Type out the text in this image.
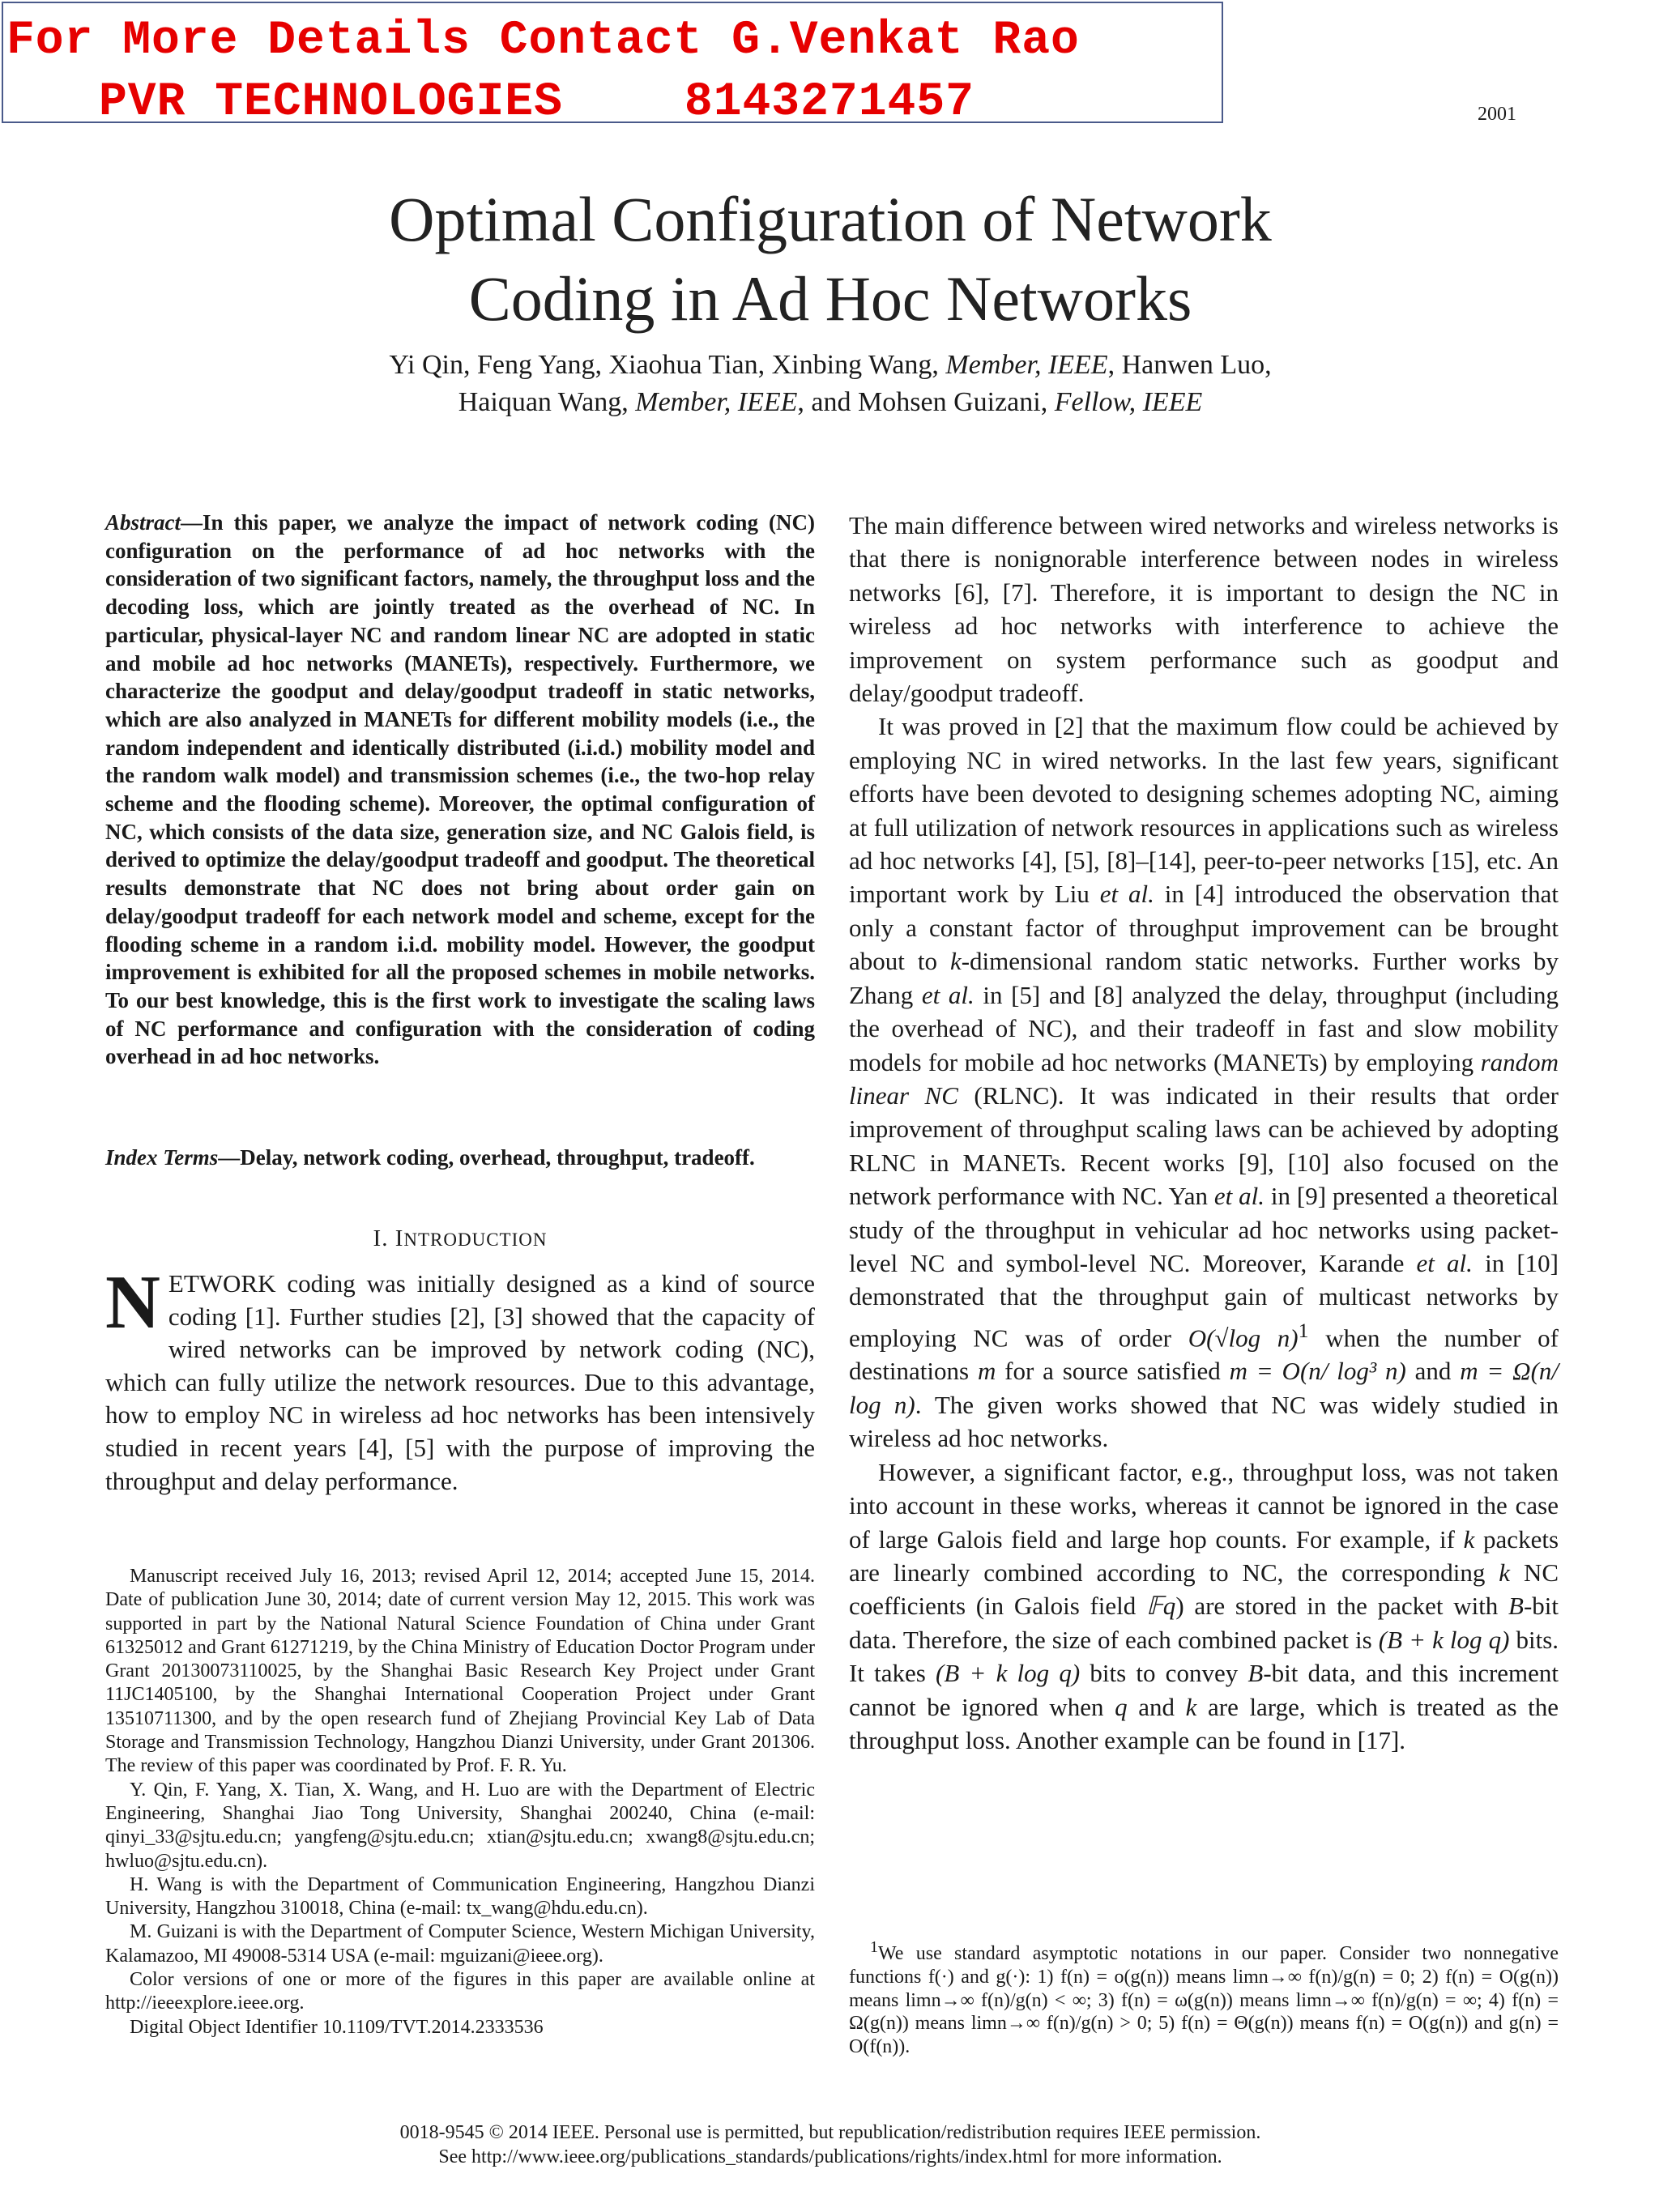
For More Details Contact G.Venkat Rao
PVR TECHNOLOGIES	8143271457	2001
Optimal Configuration of Network
Coding in Ad Hoc Networks
Yi Qin, Feng Yang, Xiaohua Tian, Xinbing Wang, Member, IEEE, Hanwen Luo,
Haiquan Wang, Member, IEEE, and Mohsen Guizani, Fellow, IEEE
Abstract—In this paper, we analyze the impact of network coding (NC) configuration on the performance of ad hoc networks with the consideration of two significant factors, namely, the throughput loss and the decoding loss, which are jointly treated as the overhead of NC. In particular, physical-layer NC and random linear NC are adopted in static and mobile ad hoc networks (MANETs), respectively. Furthermore, we characterize the goodput and delay/goodput tradeoff in static networks, which are also analyzed in MANETs for different mobility models (i.e., the random independent and identically distributed (i.i.d.) mobility model and the random walk model) and transmission schemes (i.e., the two-hop relay scheme and the flooding scheme). Moreover, the optimal configuration of NC, which consists of the data size, generation size, and NC Galois field, is derived to optimize the delay/goodput tradeoff and goodput. The theoretical results demonstrate that NC does not bring about order gain on delay/goodput tradeoff for each network model and scheme, except for the flooding scheme in a random i.i.d. mobility model. However, the goodput improvement is exhibited for all the proposed schemes in mobile networks. To our best knowledge, this is the first work to investigate the scaling laws of NC performance and configuration with the consideration of coding overhead in ad hoc networks.
Index Terms—Delay, network coding, overhead, throughput, tradeoff.
I. INTRODUCTION
NETWORK coding was initially designed as a kind of source coding [1]. Further studies [2], [3] showed that the capacity of wired networks can be improved by network coding (NC), which can fully utilize the network resources. Due to this advantage, how to employ NC in wireless ad hoc networks has been intensively studied in recent years [4], [5] with the purpose of improving the throughput and delay performance.

Manuscript received July 16, 2013; revised April 12, 2014; accepted June 15, 2014. Date of publication June 30, 2014; date of current version May 12, 2015. This work was supported in part by the National Natural Science Foundation of China under Grant 61325012 and Grant 61271219, by the China Ministry of Education Doctor Program under Grant 20130073110025, by the Shanghai Basic Research Key Project under Grant 11JC1405100, by the Shanghai International Cooperation Project under Grant 13510711300, and by the open research fund of Zhejiang Provincial Key Lab of Data Storage and Transmission Technology, Hangzhou Dianzi University, under Grant 201306. The review of this paper was coordinated by Prof. F. R. Yu.

Y. Qin, F. Yang, X. Tian, X. Wang, and H. Luo are with the Department of Electric Engineering, Shanghai Jiao Tong University, Shanghai 200240, China (e-mail: qinyi_33@sjtu.edu.cn; yangfeng@sjtu.edu.cn; xtian@sjtu.edu.cn; xwang8@sjtu.edu.cn; hwluo@sjtu.edu.cn).

H. Wang is with the Department of Communication Engineering, Hangzhou Dianzi University, Hangzhou 310018, China (e-mail: tx_wang@hdu.edu.cn).

M. Guizani is with the Department of Computer Science, Western Michigan University, Kalamazoo, MI 49008-5314 USA (e-mail: mguizani@ieee.org).

Color versions of one or more of the figures in this paper are available online at http://ieeexplore.ieee.org.

Digital Object Identifier 10.1109/TVT.2014.2333536

The main difference between wired networks and wireless networks is that there is nonignorable interference between nodes in wireless networks [6], [7]. Therefore, it is important to design the NC in wireless ad hoc networks with interference to achieve the improvement on system performance such as goodput and delay/goodput tradeoff.

It was proved in [2] that the maximum flow could be achieved by employing NC in wired networks. In the last few years, significant efforts have been devoted to designing schemes adopting NC, aiming at full utilization of network resources in applications such as wireless ad hoc networks [4], [5], [8]–[14], peer-to-peer networks [15], etc. An important work by Liu et al. in [4] introduced the observation that only a constant factor of throughput improvement can be brought about to k-dimensional random static networks. Further works by Zhang et al. in [5] and [8] analyzed the delay, throughput (including the overhead of NC), and their tradeoff in fast and slow mobility models for mobile ad hoc networks (MANETs) by employing random linear NC (RLNC). It was indicated in their results that order improvement of throughput scaling laws can be achieved by adopting RLNC in MANETs. Recent works [9], [10] also focused on the network performance with NC. Yan et al. in [9] presented a theoretical study of the throughput in vehicular ad hoc networks using packet-level NC and symbol-level NC. Moreover, Karande et al. in [10] demonstrated that the throughput gain of multicast networks by employing NC was of order O(√log n)$^1$ when the number of destinations m for a source satisfied m = O(n/ log³ n) and m = Ω(n/ log n). The given works showed that NC was widely studied in wireless ad hoc networks.

However, a significant factor, e.g., throughput loss, was not taken into account in these works, whereas it cannot be ignored in the case of large Galois field and large hop counts. For example, if k packets are linearly combined according to NC, the corresponding k NC coefficients (in Galois field 𝔽q) are stored in the packet with B-bit data. Therefore, the size of each combined packet is (B + k log q) bits. It takes (B + k log q) bits to convey B-bit data, and this increment cannot be ignored when q and k are large, which is treated as the throughput loss. Another example can be found in [17].

$^1$We use standard asymptotic notations in our paper. Consider two nonnegative functions f(·) and g(·): 1) f(n) = o(g(n)) means limn→∞ f(n)/g(n) = 0; 2) f(n) = O(g(n)) means limn→∞ f(n)/g(n) < ∞; 3) f(n) = ω(g(n)) means limn→∞ f(n)/g(n) = ∞; 4) f(n) = Ω(g(n)) means limn→∞ f(n)/g(n) > 0; 5) f(n) = Θ(g(n)) means f(n) = O(g(n)) and g(n) = O(f(n)).
0018-9545 © 2014 IEEE. Personal use is permitted, but republication/redistribution requires IEEE permission.
See http://www.ieee.org/publications_standards/publications/rights/index.html for more information.
